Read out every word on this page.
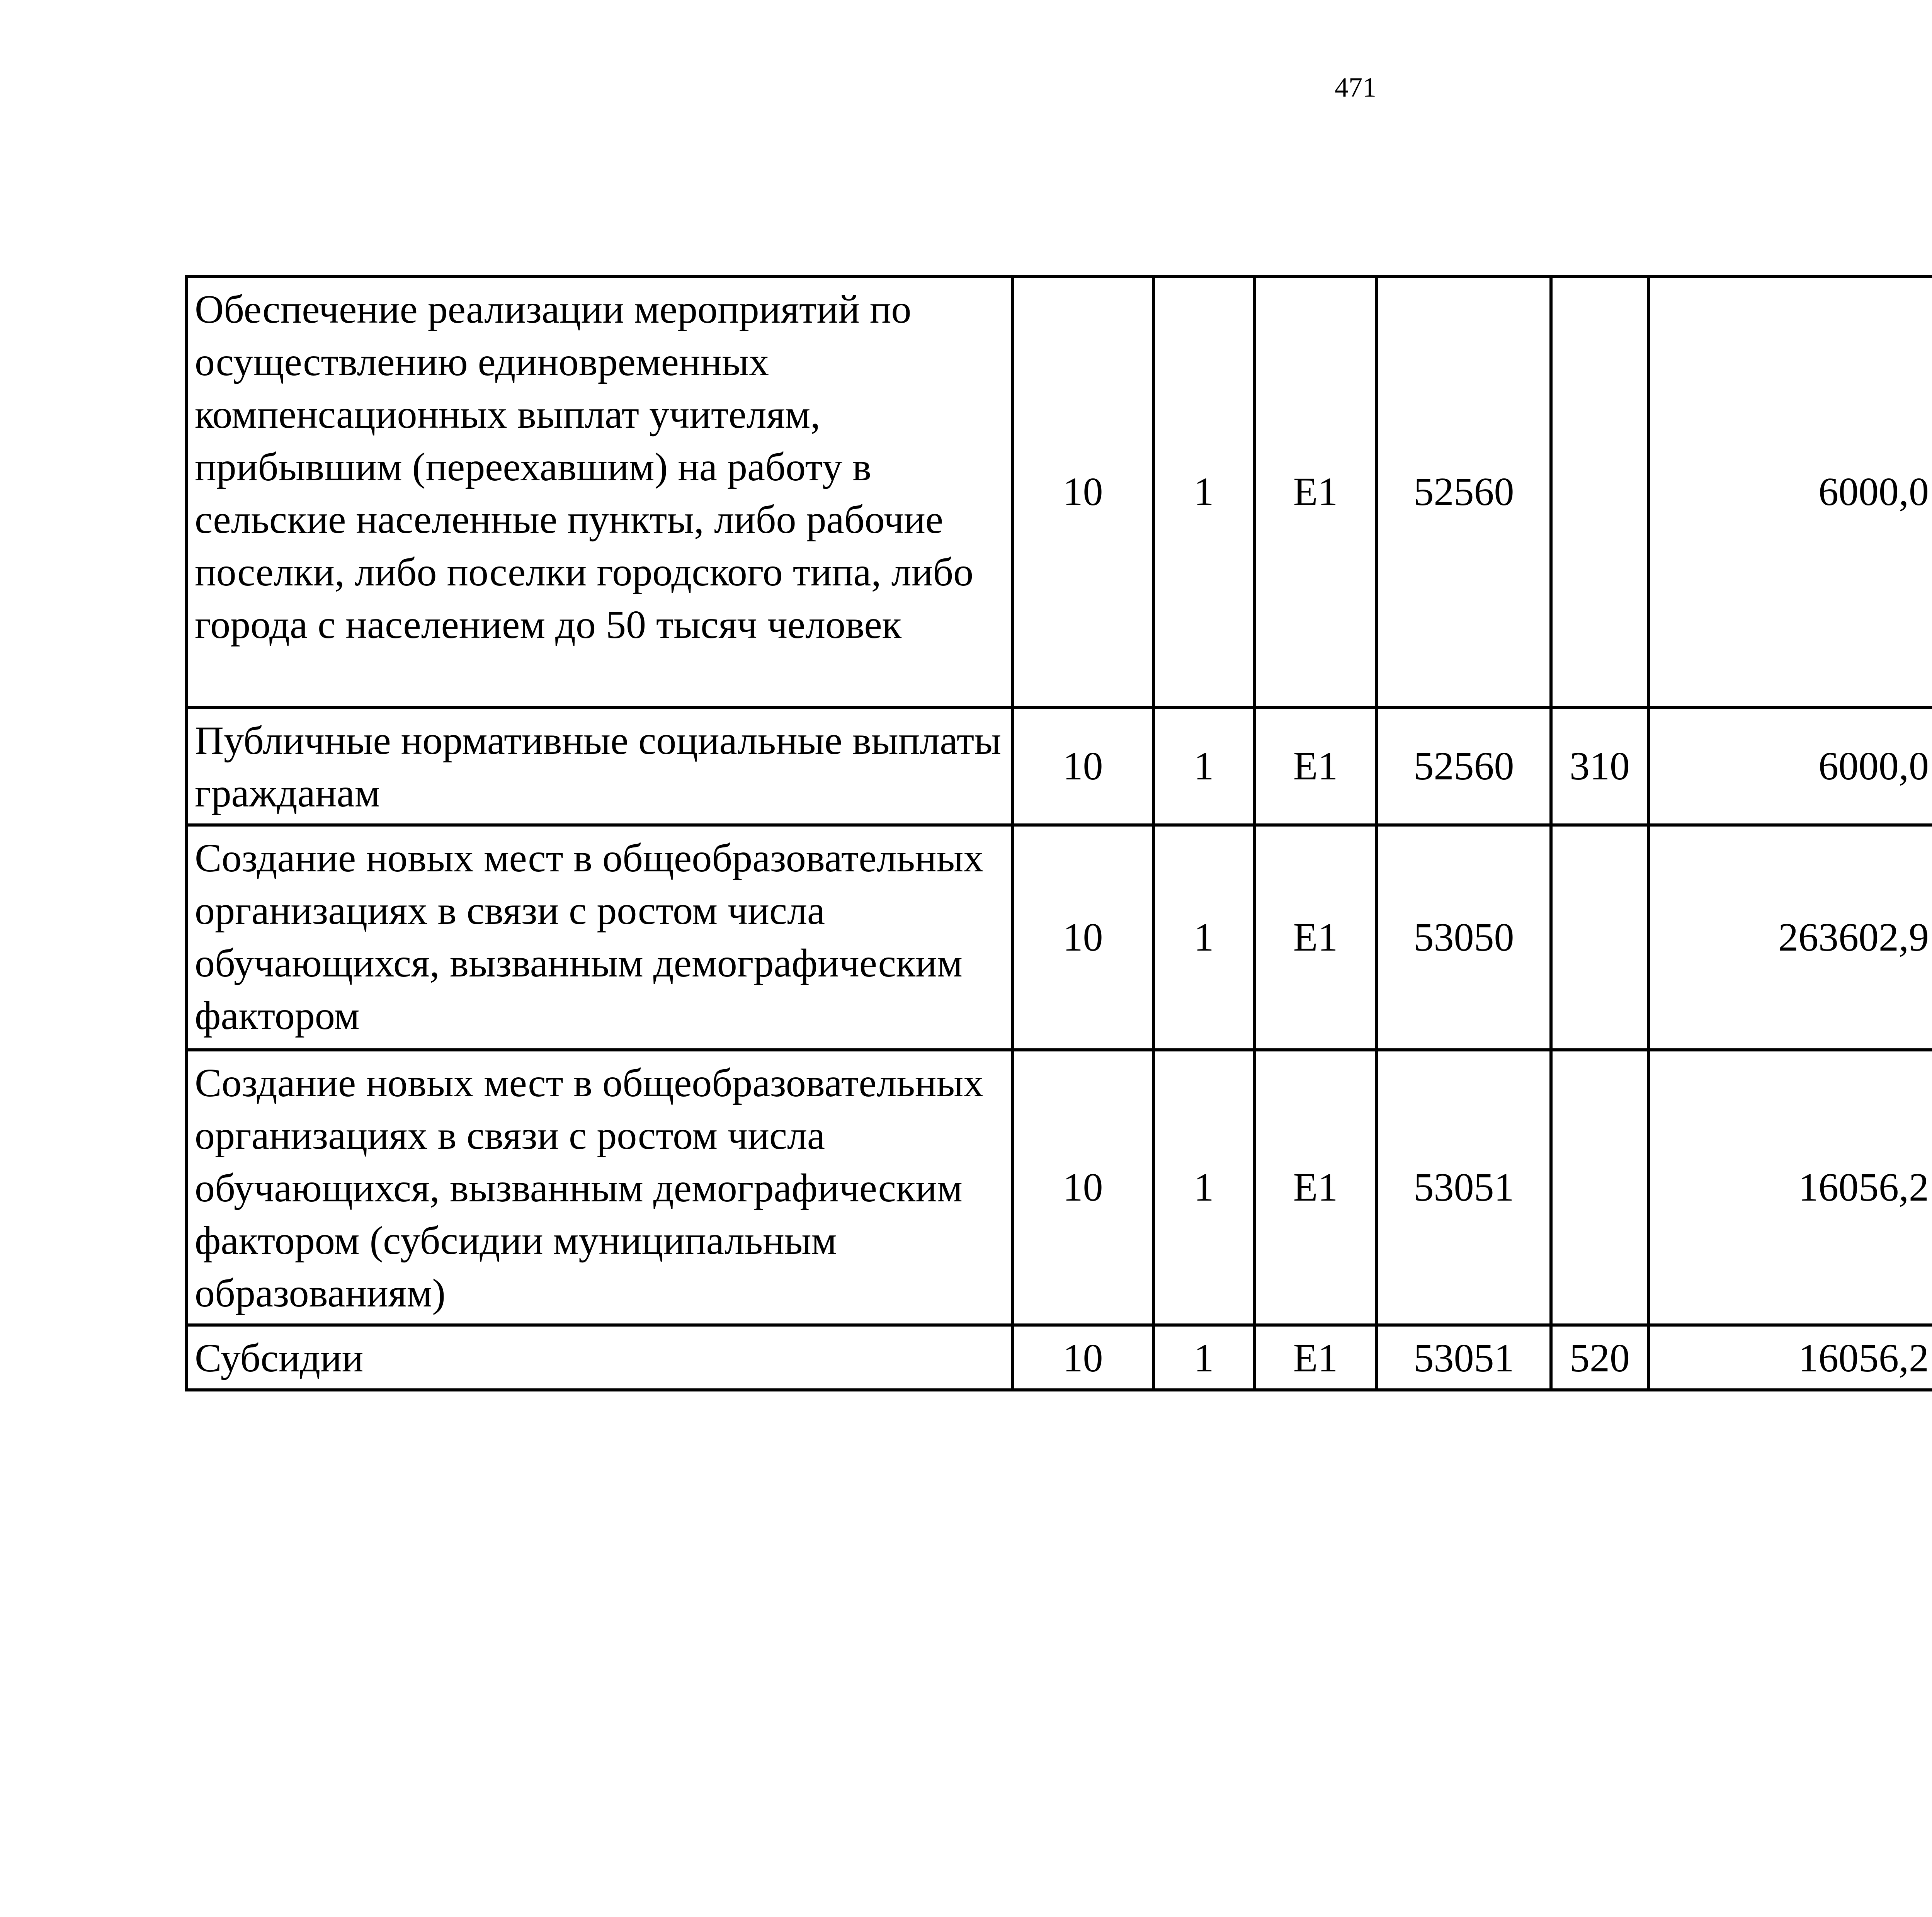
471
Обеспечение реализации мероприятий по осуществлению единовременных компенсационных выплат учителям, прибывшим (переехавшим) на работу в сельские населенные пункты, либо рабочие поселки, либо поселки городского типа, либо города с населением до 50 тысяч человек	10	1	E1	52560		6000,0		
Публичные нормативные социальные выплаты гражданам	10	1	E1	52560	310	6000,0		
Создание новых мест в общеобразовательных организациях в связи с ростом числа обучающихся, вызванным демографическим фактором	10	1	E1	53050		263602,9		
Создание новых мест в общеобразовательных организациях в связи с ростом числа обучающихся, вызванным демографическим фактором (субсидии муниципальным образованиям)	10	1	E1	53051		16056,2		
Субсидии	10	1	E1	53051	520	16056,2		
